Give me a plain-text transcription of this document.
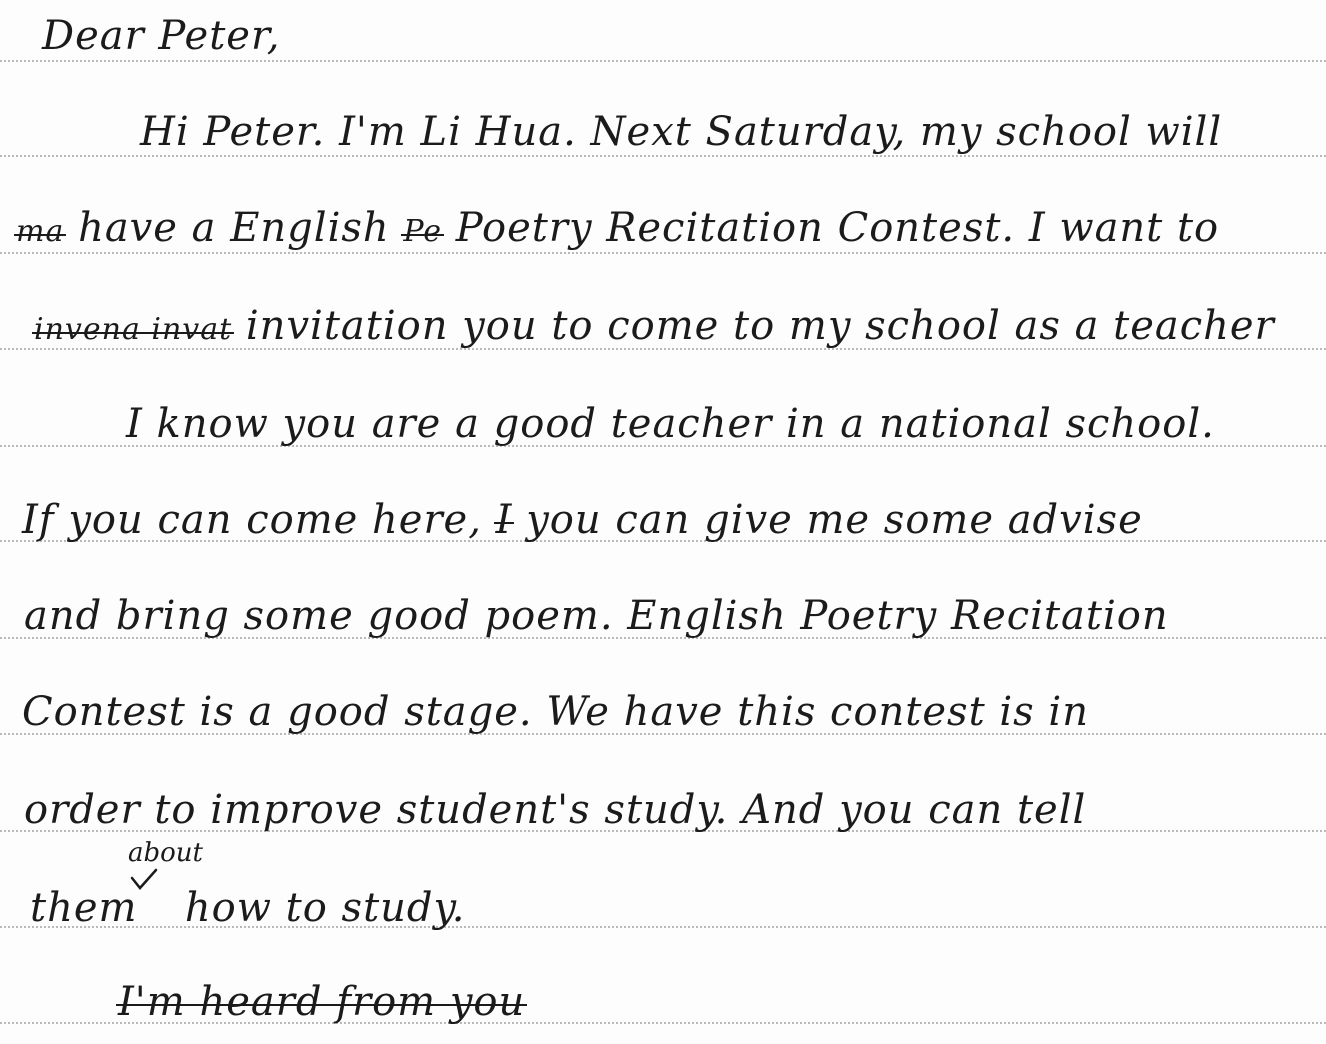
Dear Peter,
Hi Peter. I'm Li Hua. Next Saturday, my school will
ma have a English Pe Poetry Recitation Contest. I want to
invena invat invitation you to come to my school as a teacher
I know you are a good teacher in a national school.
If you can come here, I you can give me some advise
and bring some good poem. English Poetry Recitation
Contest is a good stage. We have this contest is in
order to improve student's study. And you can tell
them how to study.
about
I'm heard from you
